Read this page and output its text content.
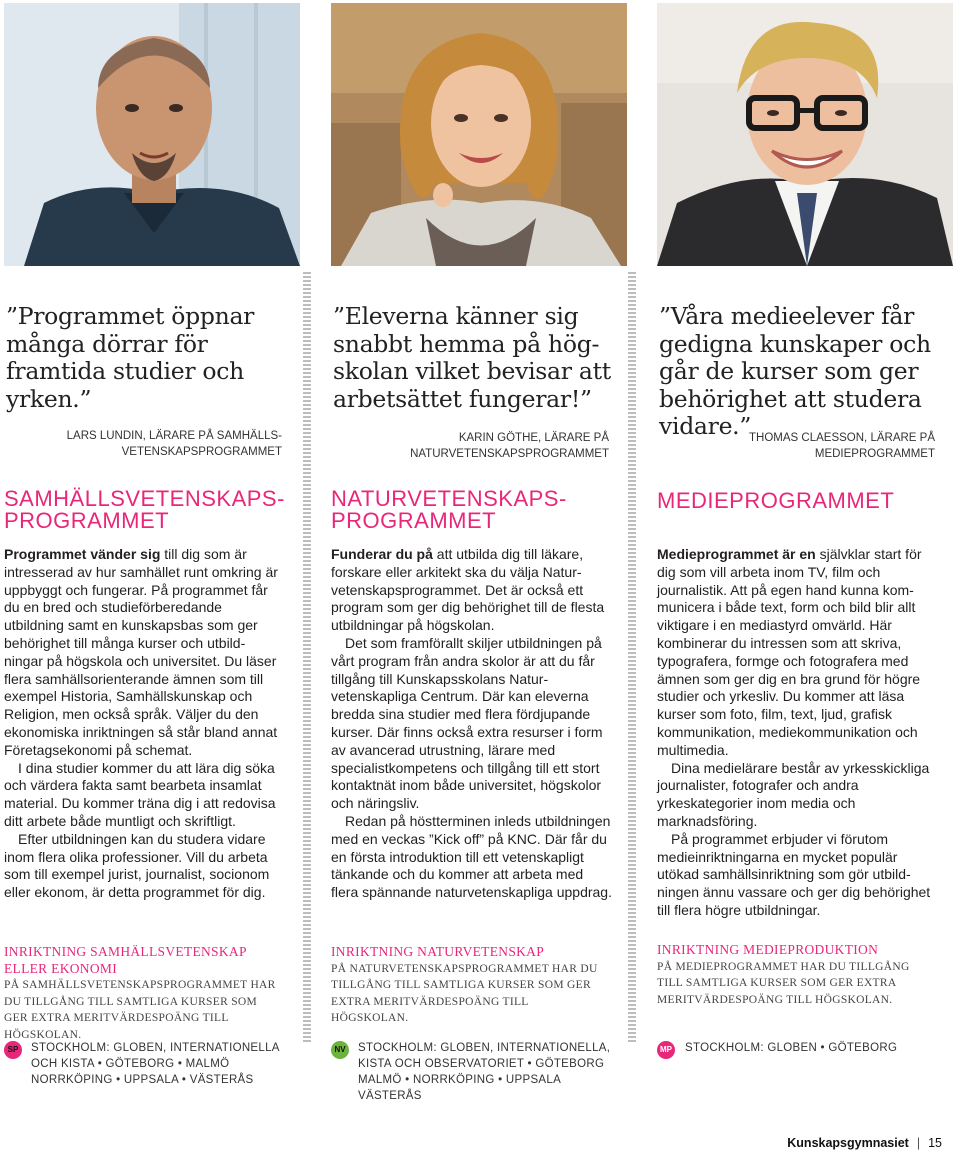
”Programmet öppnar många dörrar för framtida studier och yrken.”

LARS LUNDIN, LÄRARE PÅ SAMHÄLLS- VETENSKAPSPROGRAMMET
SAMHÄLLSVETENSKAPS- PROGRAMMET

Programmet vänder sig till dig som är intresserad av hur samhället runt omkring är uppbyggt och fungerar. På programmet får du en bred och studieförberedande utbildning samt en kunskapsbas som ger behörighet till många kurser och utbildningar på högskola och universitet. Du läser flera samhällsorienterande ämnen som till exempel Historia, Samhällskunskap och Religion, men också språk. Väljer du den ekonomiska inriktningen så står bland annat Företagsekonomi på schemat.

I dina studier kommer du att lära dig söka och värdera fakta samt bearbeta insamlat material. Du kommer träna dig i att redovisa ditt arbete både muntligt och skriftligt.

Efter utbildningen kan du studera vidare inom flera olika professioner. Vill du arbeta som till exempel jurist, journalist, socionom eller ekonom, är detta programmet för dig.

INRIKTNING SAMHÄLLSVETENSKAP ELLER EKONOMI
PÅ SAMHÄLLSVETENSKAPSPROGRAMMET HAR DU TILLGÅNG TILL SAMTLIGA KURSER SOM GER EXTRA MERITVÄRDESPOÄNG TILL HÖGSKOLAN.
SP	STOCKHOLM: GLOBEN, INTERNATIONELLA OCH KISTA • GÖTEBORG • MALMÖ NORRKÖPING • UPPSALA • VÄSTERÅS

”Eleverna känner sig snabbt hemma på högskolan vilket bevisar att arbetsättet fungerar!”

KARIN GÖTHE, LÄRARE PÅ NATURVETENSKAPSPROGRAMMET
NATURVETENSKAPS- PROGRAMMET

Funderar du på att utbilda dig till läkare, forskare eller arkitekt ska du välja Naturvetenskapsprogrammet. Det är också ett program som ger dig behörighet till de flesta utbildningar på högskolan.

Det som framförallt skiljer utbildningen på vårt program från andra skolor är att du får tillgång till Kunskapsskolans Naturvetenskapliga Centrum. Där kan eleverna bredda sina studier med flera fördjupande kurser. Där finns också extra resurser i form av avancerad utrustning, lärare med specialistkompetens och tillgång till ett stort kontaktnät inom både universitet, högskolor och näringsliv.

Redan på höstterminen inleds utbildningen med en veckas ”Kick off” på KNC. Där får du en första introduktion till ett vetenskapligt tänkande och du kommer att arbeta med flera spännande naturvetenskapliga uppdrag.

INRIKTNING NATURVETENSKAP
PÅ NATURVETENSKAPSPROGRAMMET HAR DU TILLGÅNG TILL SAMTLIGA KURSER SOM GER EXTRA MERITVÄRDESPOÄNG TILL HÖGSKOLAN.
NV STOCKHOLM: GLOBEN, INTERNATIONELLA, KISTA OCH OBSERVATORIET • GÖTEBORG MALMÖ • NORRKÖPING • UPPSALA VÄSTERÅS

”Våra medieelever får gedigna kunskaper och går de kurser som ger behörighet att studera vidare.”

THOMAS CLAESSON, LÄRARE PÅ MEDIEPROGRAMMET
MEDIEPROGRAMMET

Medieprogrammet är en självklar start för dig som vill arbeta inom TV, film och journalistik. Att på egen hand kunna kommunicera i både text, form och bild blir allt viktigare i en mediastyrd omvärld. Här kombinerar du intressen som att skriva, typografera, formge och fotografera med ämnen som ger dig en bra grund för högre studier och yrkesliv. Du kommer att läsa kurser som foto, film, text, ljud, grafisk kommunikation, mediekommunikation och multimedia.

Dina medielärare består av yrkesskickliga journalister, fotografer och andra yrkeskategorier inom media och marknadsföring.

På programmet erbjuder vi förutom medieinriktningarna en mycket populär utökad samhällsinriktning som gör utbildningen ännu vassare och ger dig behörighet till flera högre utbildningar.

INRIKTNING MEDIEPRODUKTION
PÅ MEDIEPROGRAMMET HAR DU TILLGÅNG TILL SAMTLIGA KURSER SOM GER EXTRA MERITVÄRDESPOÄNG TILL HÖGSKOLAN.
MP STOCKHOLM: GLOBEN • GÖTEBORG
Kunskapsgymnasiet | 15
